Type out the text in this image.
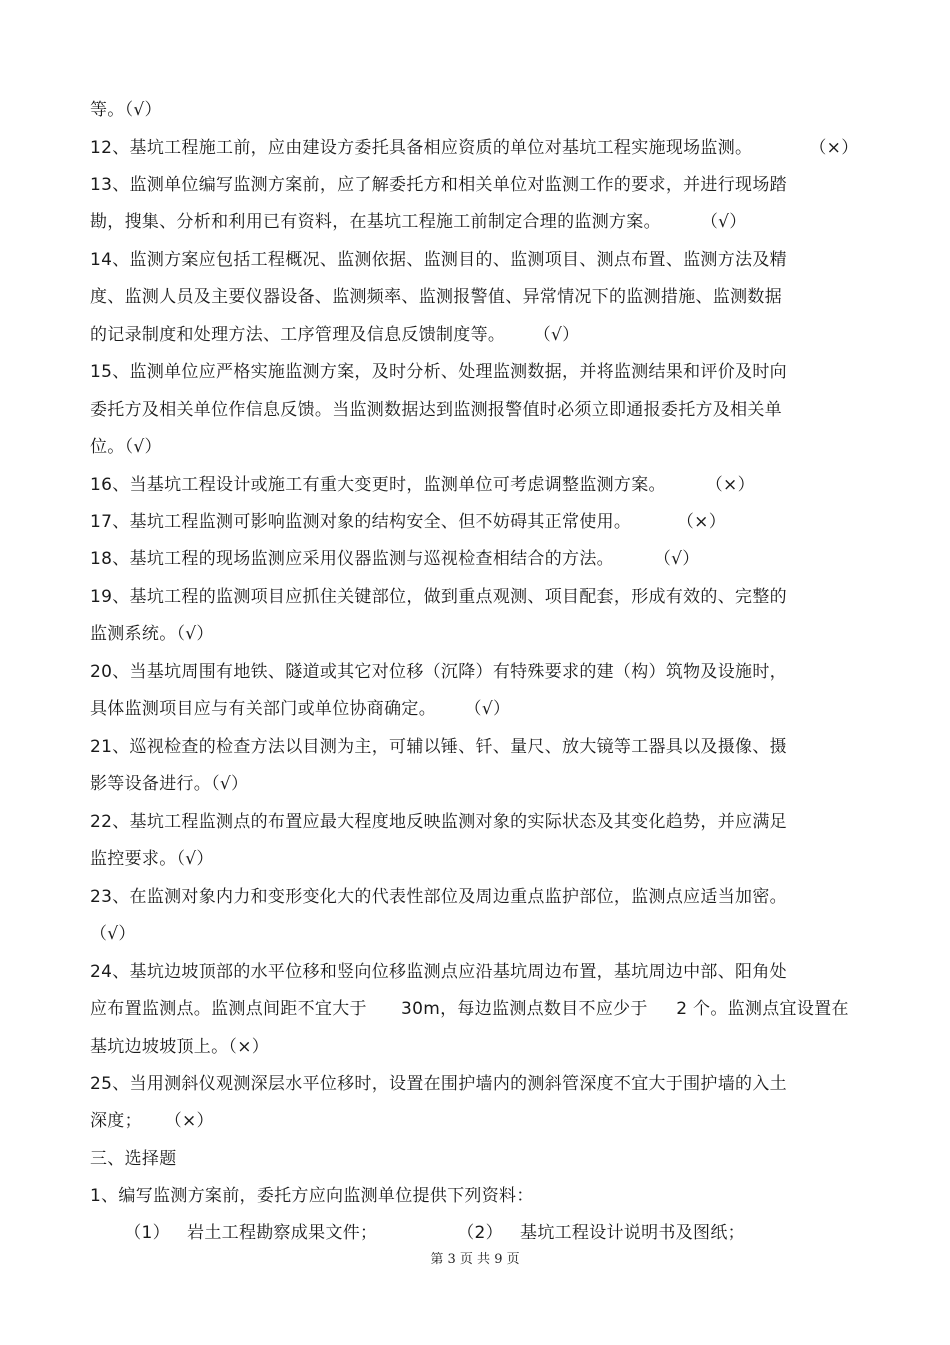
等。（√）
12、基坑工程施工前，应由建设方委托具备相应资质的单位对基坑工程实施现场监测。          （×）
13、监测单位编写监测方案前，应了解委托方和相关单位对监测工作的要求，并进行现场踏
勘，搜集、分析和利用已有资料，在基坑工程施工前制定合理的监测方案。       （√）
14、监测方案应包括工程概况、监测依据、监测目的、监测项目、测点布置、监测方法及精
度、监测人员及主要仪器设备、监测频率、监测报警值、异常情况下的监测措施、监测数据
的记录制度和处理方法、工序管理及信息反馈制度等。     （√）
15、监测单位应严格实施监测方案，及时分析、处理监测数据，并将监测结果和评价及时向
委托方及相关单位作信息反馈。当监测数据达到监测报警值时必须立即通报委托方及相关单
位。（√）
16、当基坑工程设计或施工有重大变更时，监测单位可考虑调整监测方案。       （×）
17、基坑工程监测可影响监测对象的结构安全、但不妨碍其正常使用。        （×）
18、基坑工程的现场监测应采用仪器监测与巡视检查相结合的方法。       （√）
19、基坑工程的监测项目应抓住关键部位，做到重点观测、项目配套，形成有效的、完整的
监测系统。（√）
20、当基坑周围有地铁、隧道或其它对位移（沉降）有特殊要求的建（构）筑物及设施时，
具体监测项目应与有关部门或单位协商确定。     （√）
21、巡视检查的检查方法以目测为主，可辅以锤、钎、量尺、放大镜等工器具以及摄像、摄
影等设备进行。（√）
22、基坑工程监测点的布置应最大程度地反映监测对象的实际状态及其变化趋势，并应满足
监控要求。（√）
23、在监测对象内力和变形变化大的代表性部位及周边重点监护部位，监测点应适当加密。
（√）
24、基坑边坡顶部的水平位移和竖向位移监测点应沿基坑周边布置，基坑周边中部、阳角处
应布置监测点。监测点间距不宜大于      30m，每边监测点数目不应少于     2 个。监测点宜设置在
基坑边坡坡顶上。（×）
25、当用测斜仪观测深层水平位移时，设置在围护墙内的测斜管深度不宜大于围护墙的入土
深度；    （×）
三、选择题
1、编写监测方案前，委托方应向监测单位提供下列资料：
（1）   岩土工程勘察成果文件；              （2）   基坑工程设计说明书及图纸；
第 3 页 共 9 页
